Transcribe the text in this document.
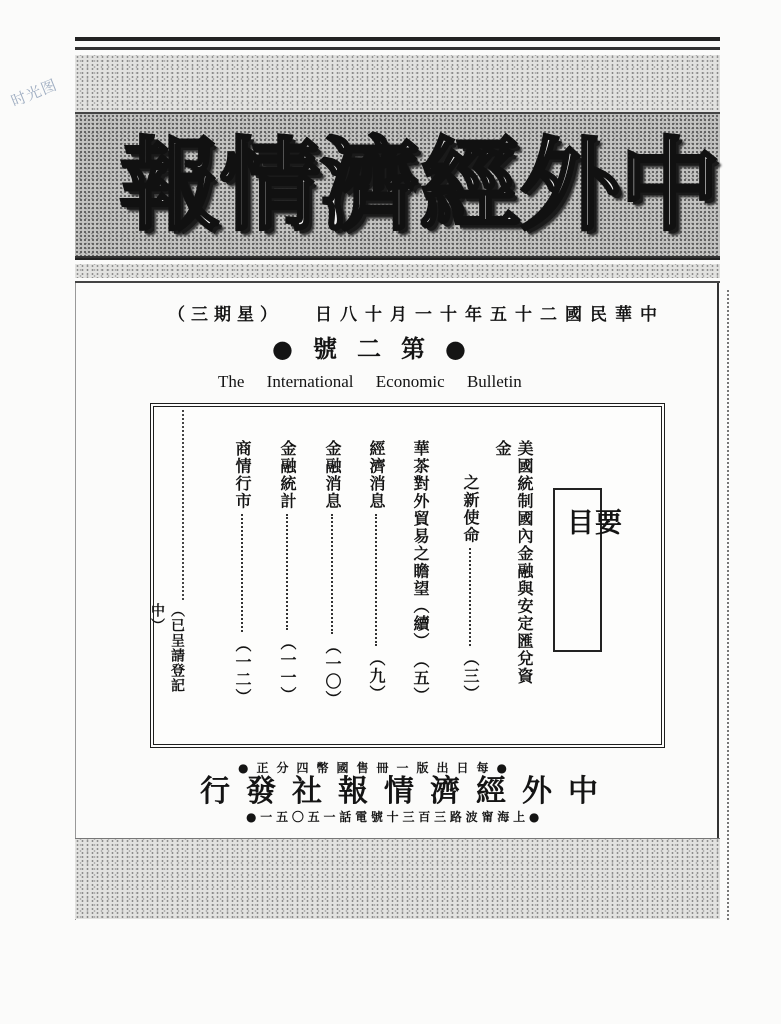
时光图
中外經濟情報
（星期三） 中華民國二十五年十一月十八日
●第二號●
The International Economic Bulletin
要目
美國統制國內金融與安定匯兌資金
之新使命
（三）
華茶對外貿易之瞻望（續）
（五）
經濟消息
（九）
金融消息
（一〇）
金融統計
（一一）
商情行市
（一二）
（已呈請登記中）
●每日出版一冊售國幣四分正●
中外經濟情報社發行
●上海甯波路三百三十號電話一五〇五一●
